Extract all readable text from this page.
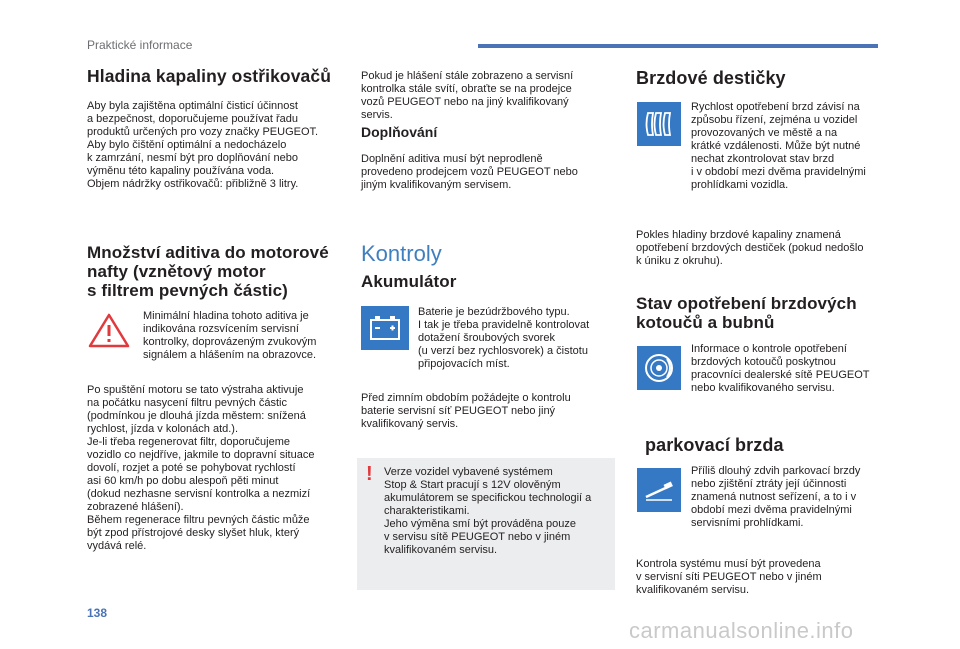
Praktické informace
Hladina kapaliny ostřikovačů
Aby byla zajištěna optimální čisticí účinnost
a bezpečnost, doporučujeme používat řadu
produktů určených pro vozy značky PEUGEOT.
Aby bylo čištění optimální a nedocházelo
k zamrzání, nesmí být pro doplňování nebo
výměnu této kapaliny používána voda.
Objem nádržky ostřikovačů: přibližně 3 litry.
Množství aditiva do motorové
nafty (vznětový motor
s filtrem pevných částic)
Minimální hladina tohoto aditiva je
indikována rozsvícením servisní
kontrolky, doprovázeným zvukovým
signálem a hlášením na obrazovce.
Po spuštění motoru se tato výstraha aktivuje
na počátku nasycení filtru pevných částic
(podmínkou je dlouhá jízda městem: snížená
rychlost, jízda v kolonách atd.).
Je-li třeba regenerovat filtr, doporučujeme
vozidlo co nejdříve, jakmile to dopravní situace
dovolí, rozjet a poté se pohybovat rychlostí
asi 60 km/h po dobu alespoň pěti minut
(dokud nezhasne servisní kontrolka a nezmizí
zobrazené hlášení).
Během regenerace filtru pevných částic může
být zpod přístrojové desky slyšet hluk, který
vydává relé.
Pokud je hlášení stále zobrazeno a servisní
kontrolka stále svítí, obraťte se na prodejce
vozů PEUGEOT nebo na jiný kvalifikovaný
servis.
Doplňování
Doplnění aditiva musí být neprodleně
provedeno prodejcem vozů PEUGEOT nebo
jiným kvalifikovaným servisem.
Kontroly
Akumulátor
Baterie je bezúdržbového typu.
I tak je třeba pravidelně kontrolovat
dotažení šroubových svorek
(u verzí bez rychlosvorek) a čistotu
připojovacích míst.
Před zimním obdobím požádejte o kontrolu
baterie servisní síť PEUGEOT nebo jiný
kvalifikovaný servis.
! Verze vozidel vybavené systémem
Stop & Start pracují s 12V olověným
akumulátorem se specifickou technologií a
charakteristikami.
Jeho výměna smí být prováděna pouze
v servisu sítě PEUGEOT nebo v jiném
kvalifikovaném servisu.
Brzdové destičky
Rychlost opotřebení brzd závisí na
způsobu řízení, zejména u vozidel
provozovaných ve městě a na
krátké vzdálenosti. Může být nutné
nechat zkontrolovat stav brzd
i v období mezi dvěma pravidelnými
prohlídkami vozidla.
Pokles hladiny brzdové kapaliny znamená
opotřebení brzdových destiček (pokud nedošlo
k úniku z okruhu).
Stav opotřebení brzdových
kotoučů a bubnů
Informace o kontrole opotřebení
brzdových kotoučů poskytnou
pracovníci dealerské sítě PEUGEOT
nebo kvalifikovaného servisu.
parkovací brzda
Příliš dlouhý zdvih parkovací brzdy
nebo zjištění ztráty její účinnosti
znamená nutnost seřízení, a to i v
období mezi dvěma pravidelnými
servisními prohlídkami.
Kontrola systému musí být provedena
v servisní síti PEUGEOT nebo v jiném
kvalifikovaném servisu.
138
carmanualsonline.info
